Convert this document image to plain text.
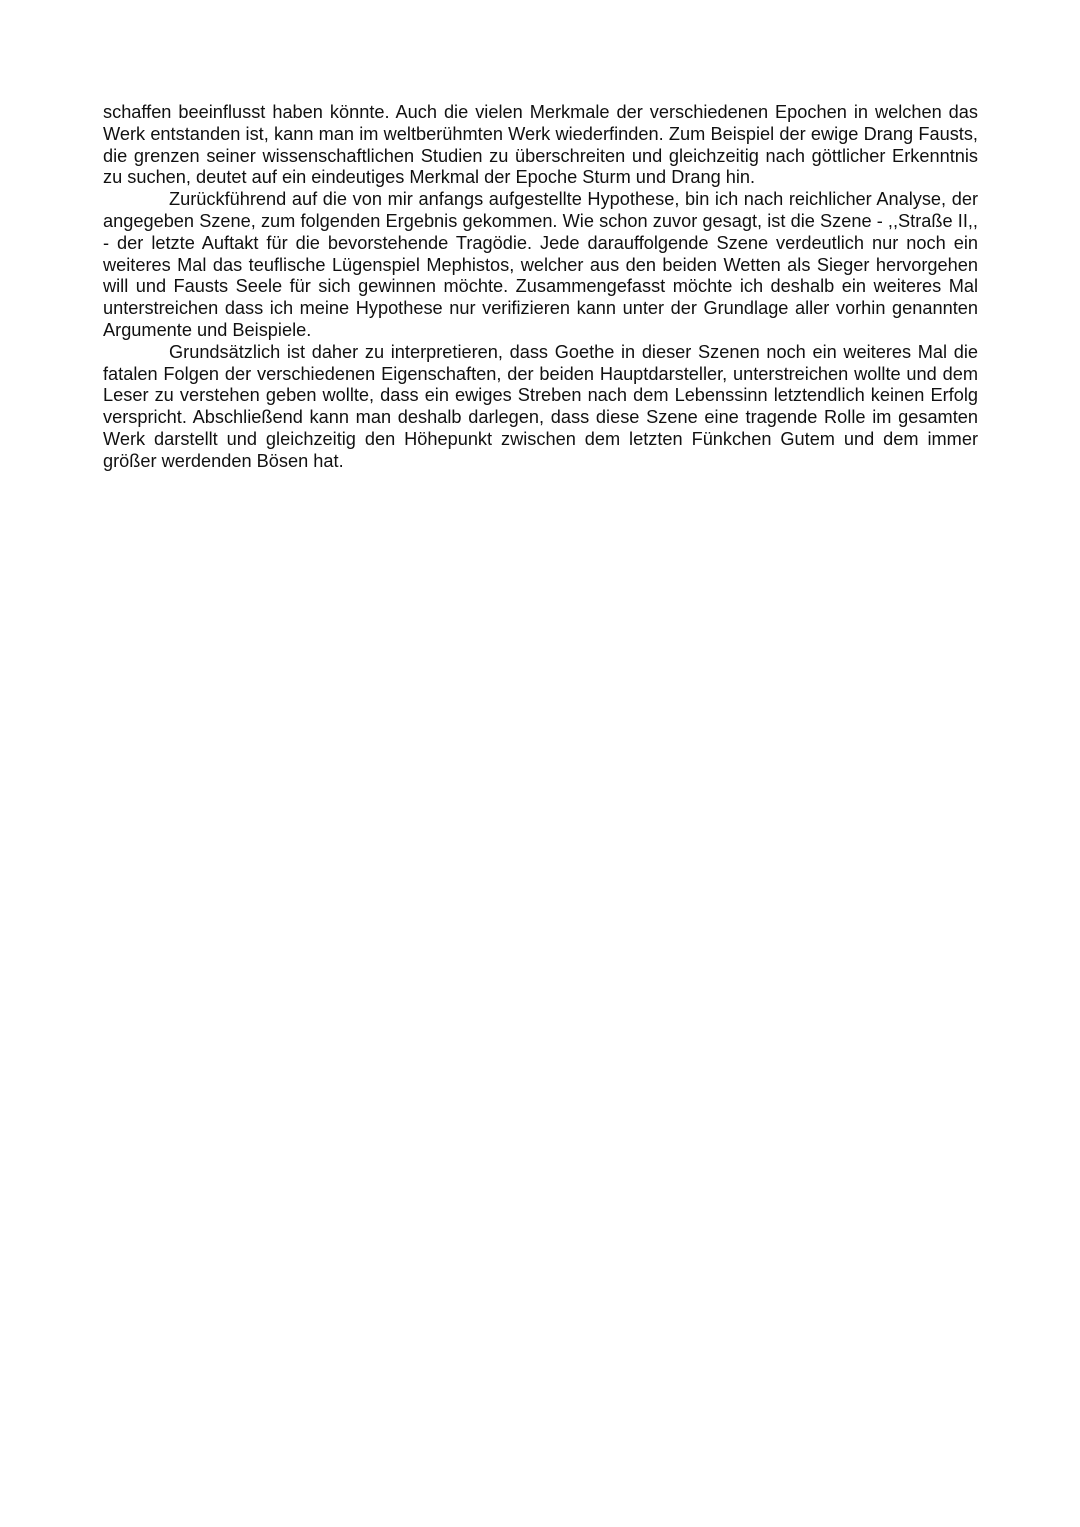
schaffen beeinflusst haben könnte. Auch die vielen Merkmale der verschiedenen Epochen in welchen das Werk entstanden ist, kann man im weltberühmten Werk wiederfinden. Zum Beispiel der ewige Drang Fausts, die grenzen seiner wissenschaftlichen Studien zu überschreiten und gleichzeitig nach göttlicher Erkenntnis zu suchen, deutet auf ein eindeutiges Merkmal der Epoche Sturm und Drang hin.

Zurückführend auf die von mir anfangs aufgestellte Hypothese, bin ich nach reichlicher Analyse, der angegeben Szene, zum folgenden Ergebnis gekommen. Wie schon zuvor gesagt, ist die Szene - ,,Straße II,, - der letzte Auftakt für die bevorstehende Tragödie. Jede darauffolgende Szene verdeutlich nur noch ein weiteres Mal das teuflische Lügenspiel Mephistos, welcher aus den beiden Wetten als Sieger hervorgehen will und Fausts Seele für sich gewinnen möchte. Zusammengefasst möchte ich deshalb ein weiteres Mal unterstreichen dass ich meine Hypothese nur verifizieren kann unter der Grundlage aller vorhin genannten Argumente und Beispiele.

Grundsätzlich ist daher zu interpretieren, dass Goethe in dieser Szenen noch ein weiteres Mal die fatalen Folgen der verschiedenen Eigenschaften, der beiden Hauptdarsteller, unterstreichen wollte und dem Leser zu verstehen geben wollte, dass ein ewiges Streben nach dem Lebenssinn letztendlich keinen Erfolg verspricht. Abschließend kann man deshalb darlegen, dass diese Szene eine tragende Rolle im gesamten Werk darstellt und gleichzeitig den Höhepunkt zwischen dem letzten Fünkchen Gutem und dem immer größer werdenden Bösen hat.
